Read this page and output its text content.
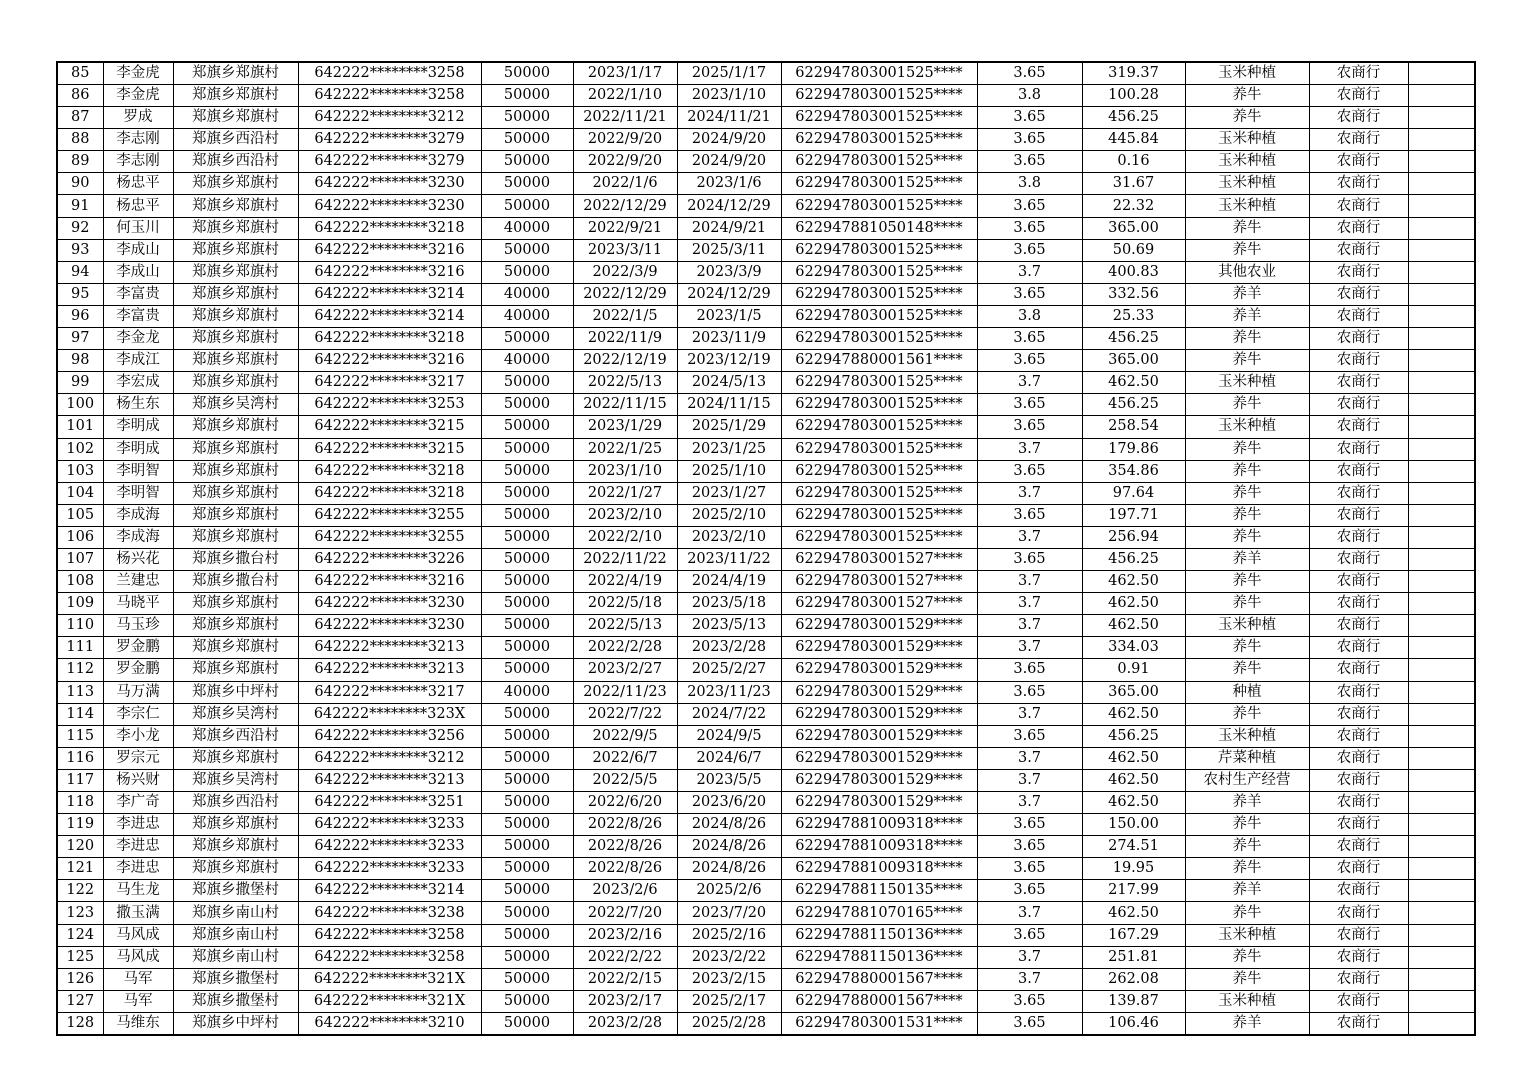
85	李金虎	郑旗乡郑旗村	642222********3258	50000	2023/1/17	2025/1/17	622947803001525****	3.65	319.37	玉米种植	农商行	
86	李金虎	郑旗乡郑旗村	642222********3258	50000	2022/1/10	2023/1/10	622947803001525****	3.8	100.28	养牛	农商行	
87	罗成	郑旗乡郑旗村	642222********3212	50000	2022/11/21	2024/11/21	622947803001525****	3.65	456.25	养牛	农商行	
88	李志刚	郑旗乡西沿村	642222********3279	50000	2022/9/20	2024/9/20	622947803001525****	3.65	445.84	玉米种植	农商行	
89	李志刚	郑旗乡西沿村	642222********3279	50000	2022/9/20	2024/9/20	622947803001525****	3.65	0.16	玉米种植	农商行	
90	杨忠平	郑旗乡郑旗村	642222********3230	50000	2022/1/6	2023/1/6	622947803001525****	3.8	31.67	玉米种植	农商行	
91	杨忠平	郑旗乡郑旗村	642222********3230	50000	2022/12/29	2024/12/29	622947803001525****	3.65	22.32	玉米种植	农商行	
92	何玉川	郑旗乡郑旗村	642222********3218	40000	2022/9/21	2024/9/21	622947881050148****	3.65	365.00	养牛	农商行	
93	李成山	郑旗乡郑旗村	642222********3216	50000	2023/3/11	2025/3/11	622947803001525****	3.65	50.69	养牛	农商行	
94	李成山	郑旗乡郑旗村	642222********3216	50000	2022/3/9	2023/3/9	622947803001525****	3.7	400.83	其他农业	农商行	
95	李富贵	郑旗乡郑旗村	642222********3214	40000	2022/12/29	2024/12/29	622947803001525****	3.65	332.56	养羊	农商行	
96	李富贵	郑旗乡郑旗村	642222********3214	40000	2022/1/5	2023/1/5	622947803001525****	3.8	25.33	养羊	农商行	
97	李金龙	郑旗乡郑旗村	642222********3218	50000	2022/11/9	2023/11/9	622947803001525****	3.65	456.25	养牛	农商行	
98	李成江	郑旗乡郑旗村	642222********3216	40000	2022/12/19	2023/12/19	622947880001561****	3.65	365.00	养牛	农商行	
99	李宏成	郑旗乡郑旗村	642222********3217	50000	2022/5/13	2024/5/13	622947803001525****	3.7	462.50	玉米种植	农商行	
100	杨生东	郑旗乡吴湾村	642222********3253	50000	2022/11/15	2024/11/15	622947803001525****	3.65	456.25	养牛	农商行	
101	李明成	郑旗乡郑旗村	642222********3215	50000	2023/1/29	2025/1/29	622947803001525****	3.65	258.54	玉米种植	农商行	
102	李明成	郑旗乡郑旗村	642222********3215	50000	2022/1/25	2023/1/25	622947803001525****	3.7	179.86	养牛	农商行	
103	李明智	郑旗乡郑旗村	642222********3218	50000	2023/1/10	2025/1/10	622947803001525****	3.65	354.86	养牛	农商行	
104	李明智	郑旗乡郑旗村	642222********3218	50000	2022/1/27	2023/1/27	622947803001525****	3.7	97.64	养牛	农商行	
105	李成海	郑旗乡郑旗村	642222********3255	50000	2023/2/10	2025/2/10	622947803001525****	3.65	197.71	养牛	农商行	
106	李成海	郑旗乡郑旗村	642222********3255	50000	2022/2/10	2023/2/10	622947803001525****	3.7	256.94	养牛	农商行	
107	杨兴花	郑旗乡撒台村	642222********3226	50000	2022/11/22	2023/11/22	622947803001527****	3.65	456.25	养羊	农商行	
108	兰建忠	郑旗乡撒台村	642222********3216	50000	2022/4/19	2024/4/19	622947803001527****	3.7	462.50	养牛	农商行	
109	马晓平	郑旗乡郑旗村	642222********3230	50000	2022/5/18	2023/5/18	622947803001527****	3.7	462.50	养牛	农商行	
110	马玉珍	郑旗乡郑旗村	642222********3230	50000	2022/5/13	2023/5/13	622947803001529****	3.7	462.50	玉米种植	农商行	
111	罗金鹏	郑旗乡郑旗村	642222********3213	50000	2022/2/28	2023/2/28	622947803001529****	3.7	334.03	养牛	农商行	
112	罗金鹏	郑旗乡郑旗村	642222********3213	50000	2023/2/27	2025/2/27	622947803001529****	3.65	0.91	养牛	农商行	
113	马万满	郑旗乡中坪村	642222********3217	40000	2022/11/23	2023/11/23	622947803001529****	3.65	365.00	种植	农商行	
114	李宗仁	郑旗乡吴湾村	642222********323X	50000	2022/7/22	2024/7/22	622947803001529****	3.7	462.50	养牛	农商行	
115	李小龙	郑旗乡西沿村	642222********3256	50000	2022/9/5	2024/9/5	622947803001529****	3.65	456.25	玉米种植	农商行	
116	罗宗元	郑旗乡郑旗村	642222********3212	50000	2022/6/7	2024/6/7	622947803001529****	3.7	462.50	芹菜种植	农商行	
117	杨兴财	郑旗乡吴湾村	642222********3213	50000	2022/5/5	2023/5/5	622947803001529****	3.7	462.50	农村生产经营	农商行	
118	李广奇	郑旗乡西沿村	642222********3251	50000	2022/6/20	2023/6/20	622947803001529****	3.7	462.50	养羊	农商行	
119	李进忠	郑旗乡郑旗村	642222********3233	50000	2022/8/26	2024/8/26	622947881009318****	3.65	150.00	养牛	农商行	
120	李进忠	郑旗乡郑旗村	642222********3233	50000	2022/8/26	2024/8/26	622947881009318****	3.65	274.51	养牛	农商行	
121	李进忠	郑旗乡郑旗村	642222********3233	50000	2022/8/26	2024/8/26	622947881009318****	3.65	19.95	养牛	农商行	
122	马生龙	郑旗乡撒堡村	642222********3214	50000	2023/2/6	2025/2/6	622947881150135****	3.65	217.99	养羊	农商行	
123	撒玉满	郑旗乡南山村	642222********3238	50000	2022/7/20	2023/7/20	622947881070165****	3.7	462.50	养牛	农商行	
124	马风成	郑旗乡南山村	642222********3258	50000	2023/2/16	2025/2/16	622947881150136****	3.65	167.29	玉米种植	农商行	
125	马风成	郑旗乡南山村	642222********3258	50000	2022/2/22	2023/2/22	622947881150136****	3.7	251.81	养牛	农商行	
126	马军	郑旗乡撒堡村	642222********321X	50000	2022/2/15	2023/2/15	622947880001567****	3.7	262.08	养牛	农商行	
127	马军	郑旗乡撒堡村	642222********321X	50000	2023/2/17	2025/2/17	622947880001567****	3.65	139.87	玉米种植	农商行	
128	马维东	郑旗乡中坪村	642222********3210	50000	2023/2/28	2025/2/28	622947803001531****	3.65	106.46	养羊	农商行	
